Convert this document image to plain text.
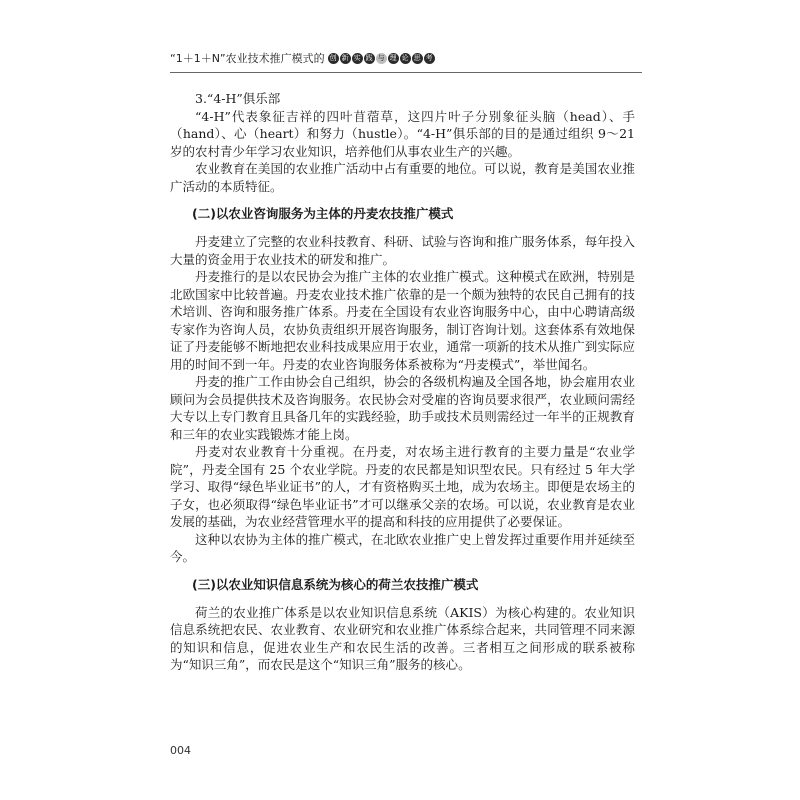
“1＋1＋N”农业技术推广模式的 创 新 实 践 与 理 论 思 考

3.“4-H”俱乐部

“4-H”代表象征吉祥的四叶苜蓿草，这四片叶子分别象征头脑（head）、手（hand）、心（heart）和努力（hustle）。“4-H”俱乐部的目的是通过组织 9～21 岁的农村青少年学习农业知识，培养他们从事农业生产的兴趣。

农业教育在美国的农业推广活动中占有重要的地位。可以说，教育是美国农业推广活动的本质特征。

(二)以农业咨询服务为主体的丹麦农技推广模式

丹麦建立了完整的农业科技教育、科研、试验与咨询和推广服务体系，每年投入大量的资金用于农业技术的研发和推广。

丹麦推行的是以农民协会为推广主体的农业推广模式。这种模式在欧洲，特别是北欧国家中比较普遍。丹麦农业技术推广依靠的是一个颇为独特的农民自己拥有的技术培训、咨询和服务推广体系。丹麦在全国设有农业咨询服务中心，由中心聘请高级专家作为咨询人员，农协负责组织开展咨询服务，制订咨询计划。这套体系有效地保证了丹麦能够不断地把农业科技成果应用于农业，通常一项新的技术从推广到实际应用的时间不到一年。丹麦的农业咨询服务体系被称为“丹麦模式”，举世闻名。

丹麦的推广工作由协会自己组织，协会的各级机构遍及全国各地，协会雇用农业顾问为会员提供技术及咨询服务。农民协会对受雇的咨询员要求很严，农业顾问需经大专以上专门教育且具备几年的实践经验，助手或技术员则需经过一年半的正规教育和三年的农业实践锻炼才能上岗。

丹麦对农业教育十分重视。在丹麦，对农场主进行教育的主要力量是“农业学院”，丹麦全国有 25 个农业学院。丹麦的农民都是知识型农民。只有经过 5 年大学学习、取得“绿色毕业证书”的人，才有资格购买土地，成为农场主。即便是农场主的子女，也必须取得“绿色毕业证书”才可以继承父亲的农场。可以说，农业教育是农业发展的基础，为农业经营管理水平的提高和科技的应用提供了必要保证。

这种以农协为主体的推广模式，在北欧农业推广史上曾发挥过重要作用并延续至今。

(三)以农业知识信息系统为核心的荷兰农技推广模式

荷兰的农业推广体系是以农业知识信息系统（AKIS）为核心构建的。农业知识信息系统把农民、农业教育、农业研究和农业推广体系综合起来，共同管理不同来源的知识和信息，促进农业生产和农民生活的改善。三者相互之间形成的联系被称为“知识三角”，而农民是这个“知识三角”服务的核心。

004
